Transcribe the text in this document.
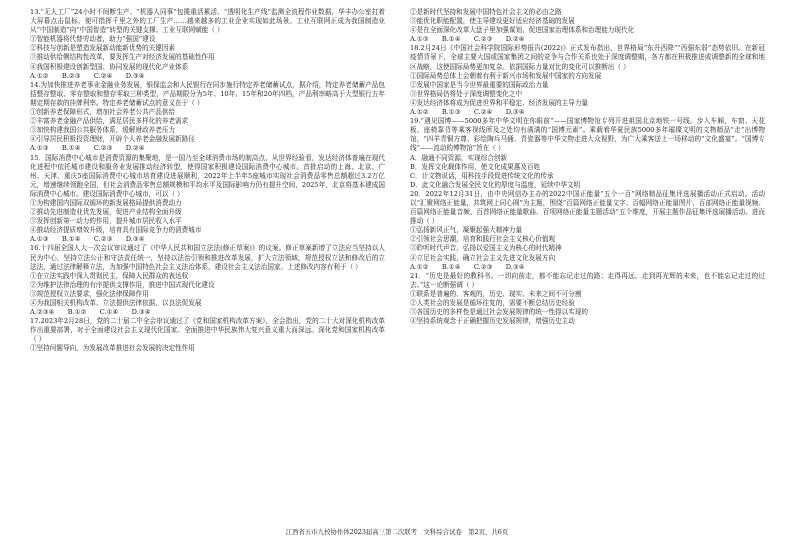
13.“无人工厂”24小时不间断生产、“机器人同事”包揽重活累活、“透明化生产线”监测全流程作业数据，华丰办公室打着大屏幕点击鼠标，便可指挥千里之外的工厂生产……越来越多的工业企业实现如此场景。工业互联网正成为我国制造业从“中国制造”向“中国智造”转型的关键支撑。工业互联网赋能（ ）

①智能机器将代替劳动者，助力“强国”建设

②科技与创新是塑造发展新动能新优势的关键因素

③推动供给侧结构性改革，要发挥生产对经济发展的基础性作用

④我国积极建设创新型国、协同发展的现代化产业体系

A.①②　　B.②③　　C.②④　　D.③④

14.为加快推进养老事业金融业务发展，银保监会和人民银行在同步施行特定养老储蓄试点，据介绍，特定养老储蓄产品包括整存整取、零存整取和整存零取三种类型，产品期限分为5年、10年、15年和20年四档，产品利率略高于大型银行五年期定期存款的挂牌利率。特定养老储蓄试点的意义在于（ ）

①创新养老保障形式，增加社会养老公共产品供给

②丰富养老金融产品供给，满足居民多样化的养老需求

③加快构建我国公共服务体系，缓解财政养老压力

④引导居民积极投资理财，开辟个人养老金融发展新路径

A.①③　　B.①④　　C.②③　　D.②④

15．国际消费中心城市是消费资源的集聚地，是一国乃至全球消费市场的制高点。从世界经验看，发达经济体普遍在现代化进程中依托城市建设和服务业发展推动经济转型，使得国家积极建设国际消费中心城市。首批启动的上海、北京、广州、天津、重庆5座国际消费中心城市培育建设进展顺利，2022年上半年5座城市实现社会消费品零售总额超过3.2万亿元，增速继续领跑全国，但社会消费品零售总额规模和平均水平及国际影响力仍有提升空间，2025年，北京将基本建成国际消费中心城市。建设国际消费中心城市，可以（ ）

①为构建国内国际双循环的新发展格局提供消费动力

②推动先进制造业优先发展，促进产业结构全面升级

③发挥创新第一动力的作用，提升城市居民收入水平

④推动经济提质增效升级，培育具有国际竞争力的消费城市

A.①③　　B.①④　　C.②③　　D.③④

16.十四届全国人大一次会议审议通过了《中华人民共和国立法法(修正草案)》的议案。修正草案新增了立法应当坚持以人民为中心，坚持立法公正和守法责任统一，坚持以法治引领和推进改革发展，扩大立法领域，规范授权立法和修改后的立法法，通过法律解释立法，为加强中国特色社会主义法治体系，建设社会主义法治国家。上述修改内容有利于（ ）

①在立法实践中深入贯彻民主，保障人民群众的表达权

②为维护法律治理的有序提供支撑作用，推进中国式现代化建设

③规范授权立法要求，强化法律保障作用

④为我国相关机构改革、立法提供法律依据，以良法促发展

A.②③④　　B.①②　　C.①④　　D.③④

17.2023年2月28日，党的二十届二中全会审议通过了《党和国家机构改革方案》，全会指出，党的二十大对深化机构改革作出重要部署，对于全面建设社会主义现代化国家、全面推进中华民族伟大复兴意义重大而深远。深化党和国家机构改革（ ）

①坚持问题导向，为发展改革推进社会发展的决定性作用

②是新时代坚持和发展中国特色社会主义的必由之路

③能优化职能配置，使主导建设更好适应经济基础的发展

④是在全面深化改革大盘子里加强谋划，促进国家治理体系和治理能力现代化

A.①③　　B.①④　　C.②③　　D.②④

18.2月24日《中国社会科学院国际形势报告(2022)》正式发布指出，世界格局“东升西降”“西强东弱”态势依旧。在新冠疫情背景下，全球主要大国或国家集团之间的竞争与合作关系也处于深度调整期，各方都在积极推进或调整新的全球和地区战略，这使国际局势更加复杂。依据国际力量对比的变化可以推断出（ ）

①国际局势总体上会朝着有利于新兴市场和发展中国家的方向发展

②发展中国家是当今世界最重要的国际政治力量

③世界格局仍将处于深度调整变化之中

④发达经济体将成为促进世界和平稳定、经济发展的主导力量

A.①②　　B.①③　　C.②④　　D.③④

19.“遇见国博——5000多年中华文明在你眼前”——国家博物馆专列开进祖国北京地铁一号线。步入车厢，车窗、天花板、座椅靠背等乘客视线所及之处均有满满的“国博元素”。乘载着华夏民族5000多年璀璨文明的文物精品“走”出博物馆，“四羊青铜方尊、彩绘陶兵马俑、青瓷器等中华文物走进大众视野，为广大乘客送上一场移动的“文化盛宴”。“国博专线”——流动的博物馆”旨在（ ）

A．融通不同资源，实现综合创新

B．发挥文化载体作用，使文化成果惠及百姓

C．计文物说话，用科技手段促进传统文化的传承

D．此文化融合发展全民文化的厚度与温度，延续中华文明

20．2022年12月31日，由中央网信办主办的2022中国正能量“五个一百”网络精品征集评选展播活动正式启动。活动以“汇聚网络正能量，共筑网上同心圆”为主题，围绕“百篇网络正能量文字、百幅网络正能量图片、百部网络正能量视频、百篇网络正能量音频、百首网络正能量歌曲、百项网络正能量主题活动”五个维度，开展主题作品征集评选展播活动。进而推动（ ）

①弘扬新风正气，凝聚起强大精神力量

②引领社会思潮，培育和践行社会主义核心价值观

③聆听时代声音，弘扬以爱国主义为核心的时代精神

④立足社会实践，确立社会主义先进文化发展方向

A.①②　　B.①④　　C.②③　　D.③④

21．“历史是最好的教科书。一切向前走，都不能忘记走过的路；走得再远、走到再光辉的未来，也不能忘记走过的过去。”这一论断强调（ ）

①联系是普遍的、客观的，历史、现实、未来之间不可分割

②人类社会的发展是循环往复的，需要不断总结历史经验

③各国历史的多样性是通过社会发展规律的统一性得以实现的

④坚持系统观念于正确把握历史发展规律，增强历史主动

江西省五市九校协作体2023届高三第二次联考　文科综合试卷　第2页，共6页
